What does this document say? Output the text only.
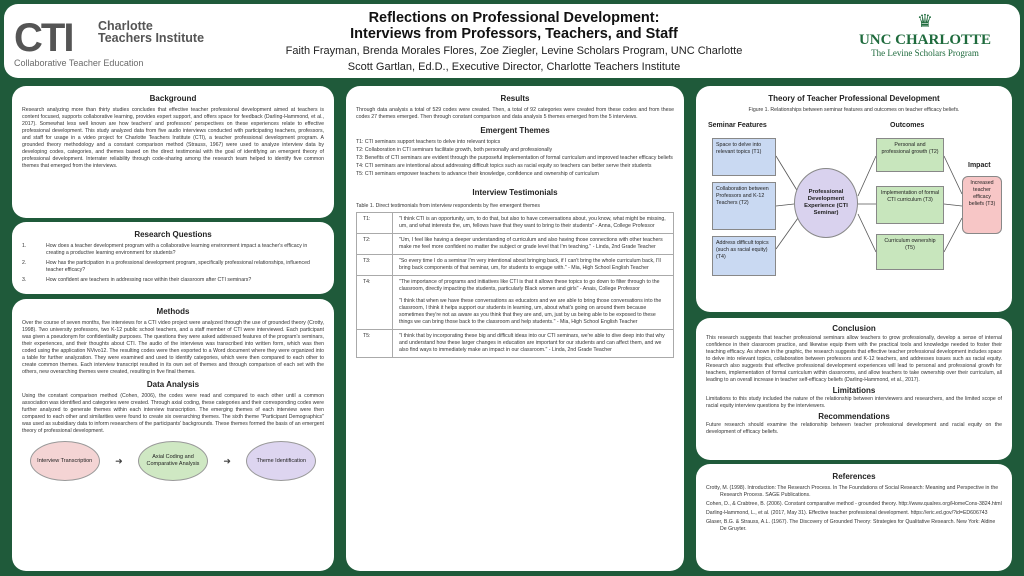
CTI Charlotte Teachers Institute
Collaborative Teacher Education
Reflections on Professional Development:
Interviews from Professors, Teachers, and Staff
Faith Frayman, Brenda Morales Flores, Zoe Ziegler, Levine Scholars Program, UNC Charlotte
Scott Gartlan, Ed.D., Executive Director, Charlotte Teachers Institute
♛
UNC CHARLOTTE
The Levine Scholars Program
Background
Research analyzing more than thirty studies concludes that effective teacher professional development aimed at teachers is content focused, supports collaborative learning, provides expert support, and offers space for feedback (Darling-Hammond, et al., 2017). Somewhat less well known are how teachers' and professors' perspectives on these experiences relate to effective professional development. This study analyzed data from five audio interviews conducted with participating teachers, professors, and staff for usage in a video project for Charlotte Teachers Institute (CTI), a teacher professional development program. A grounded theory methodology and a constant comparison method (Strauss, 1967) were used to analyze interview data by developing codes, categories, and themes based on the direct testimonial with the goal of identifying an emergent theory of professional development. Interrater reliability through code-sharing among the research team helped to identify five common themes that emerged from the interviews.
Research Questions
1.	How does a teacher development program with a collaborative learning environment impact a teacher's efficacy in creating a productive learning environment for students?
2.	How has the participation in a professional development program, specifically professional relationships, influenced teacher efficacy?
3.	How confident are teachers in addressing race within their classroom after CTI seminars?
Methods
Over the course of seven months, five interviews for a CTI video project were analyzed through the use of grounded theory (Crotty, 1998). Two university professors, two K-12 public school teachers, and a staff member of CTI were interviewed. Each participant was given a pseudonym for confidentiality purposes. The questions they were asked addressed features of the program's seminars, their experiences, and their thoughts about CTI. The audio of the interviews was transcribed into written form, which was then coded using the application NVivo12. The resulting codes were then exported to a Word document where they were organized into a table for further analyzation. They were examined and used to identify categories, which were then compared to each other to create common themes. Each interview transcript resulted in its own set of themes and through comparison of each set with the others, new overarching themes were created, resulting in five final themes.
Data Analysis
Using the constant comparison method (Cohen, 2006), the codes were read and compared to each other until a common association was identified and categories were created. Through axial coding, these categories and their corresponding codes were further analyzed to generate themes within each interview transcription. The emerging themes of each interview were then compared to each other and similarities were found to create six overarching themes. The sixth theme "Participant Demographics" was used as subsidiary data to inform researchers of the participants' backgrounds. These themes formed the basis of an emergent theory of professional development.
Interview Transcription	➜	Axial Coding and Comparative Analysis	➜	Theme Identification
Results
Through data analysis a total of 529 codes were created. Then, a total of 92 categories were created from these codes and from these codes 27 themes emerged. Then through constant comparison and data analysis 5 themes emerged from the 5 interviews.
Emergent Themes
T1: CTI seminars support teachers to delve into relevant topics
T2: Collaboration in CTI seminars facilitate growth, both personally and professionally
T3: Benefits of CTI seminars are evident through the purposeful implementation of formal curriculum and improved teacher efficacy beliefs
T4: CTI seminars are intentional about addressing difficult topics such as racial equity so teachers can better serve their students
T5: CTI seminars empower teachers to advance their knowledge, confidence and ownership of curriculum
Interview Testimonials
Table 1. Direct testimonials from interview respondents by five emergent themes
T1:	"I think CTI is an opportunity, um, to do that, but also to have conversations about, you know, what might be missing, um, and what interests the, um, fellows have that they want to bring to their students" - Anna, College Professor
T2:	"Um, I feel like having a deeper understanding of curriculum and also having those connections with other teachers make me feel more confident no matter the subject or grade level that I'm teaching." - Linda, 2nd Grade Teacher
T3:	"So every time I do a seminar I'm very intentional about bringing back, if I can't bring the whole curriculum back, I'll bring back components of that seminar, um, for students to engage with." - Mia, High School English Teacher
T4:	"The importance of programs and initiatives like CTI is that it allows these topics to go down to filter through to the classroom, directly impacting the students, particularly Black women and girls" - Anais, College Professor
"I think that when we have these conversations as educators and we are able to bring those conversations into the classroom, I think it helps support our students in learning, um, about what's going on around them because sometimes they're not as aware as you think that they are and, um, just by us being able to be exposed to these things we can bring those back to the classroom and help students." - Mia, High School English Teacher

T5:	"I think that by incorporating these big and difficult ideas into our CTI seminars, we're able to dive deep into that why and understand how these larger changes in education are important for our students and can affect them, and we also find ways to immediately make an impact in our classroom." - Linda, 2nd Grade Teacher
Theory of Teacher Professional Development
Figure 1. Relationships between seminar features and outcomes on teacher efficacy beliefs.
Seminar Features	Outcomes
Impact
Space to delve into relevant topics (T1)
Collaboration between Professors and K-12 Teachers (T2)
Address difficult topics (such as racial equity) (T4)
Professional Development Experience (CTI Seminar)
Personal and professional growth (T2)
Implementation of formal CTI curriculum (T3)
Curriculum ownership (T5)
Increased teacher efficacy beliefs (T3)
Conclusion
This research suggests that teacher professional seminars allow teachers to grow professionally, develop a sense of internal confidence in their classroom practice, and likewise equip them with the practical tools and knowledge needed to foster their teaching efficacy. As shown in the graphic, the research suggests that effective teacher professional development includes space to delve into relevant topics, collaboration between professors and K-12 teachers, and addresses issues such as racial equity. Research also suggests that effective professional development experiences will lead to personal and professional growth for teachers, implementation of formal curriculum within classrooms, and allow teachers to take ownership over their curriculum, all leading to an overall increase in teacher self-efficacy beliefs (Darling-Hammond, et al., 2017).
Limitations
Limitations to this study included the nature of the relationship between interviewers and researchers, and the limited scope of racial equity interview questions by the interviewers.
Recommendations
Future research should examine the relationship between teacher professional development and racial equity on the development of efficacy beliefs.
References
Crotty, M. (1998). Introduction: The Research Process. In The Foundations of Social Research: Meaning and Perspective in the Research Process. SAGE Publications.
Cohen, D., & Crabtree, B. (2006). Constant comparative method - grounded theory. http://www.qualres.org/HomeCons-3824.html
Darling-Hammond, L., et al. (2017, May 31). Effective teacher professional development. https://eric.ed.gov/?id=ED606743
Glaser, B.G. & Strauss, A.L. (1967). The Discovery of Grounded Theory: Strategies for Qualitative Research. New York: Aldine De Gruyter.
